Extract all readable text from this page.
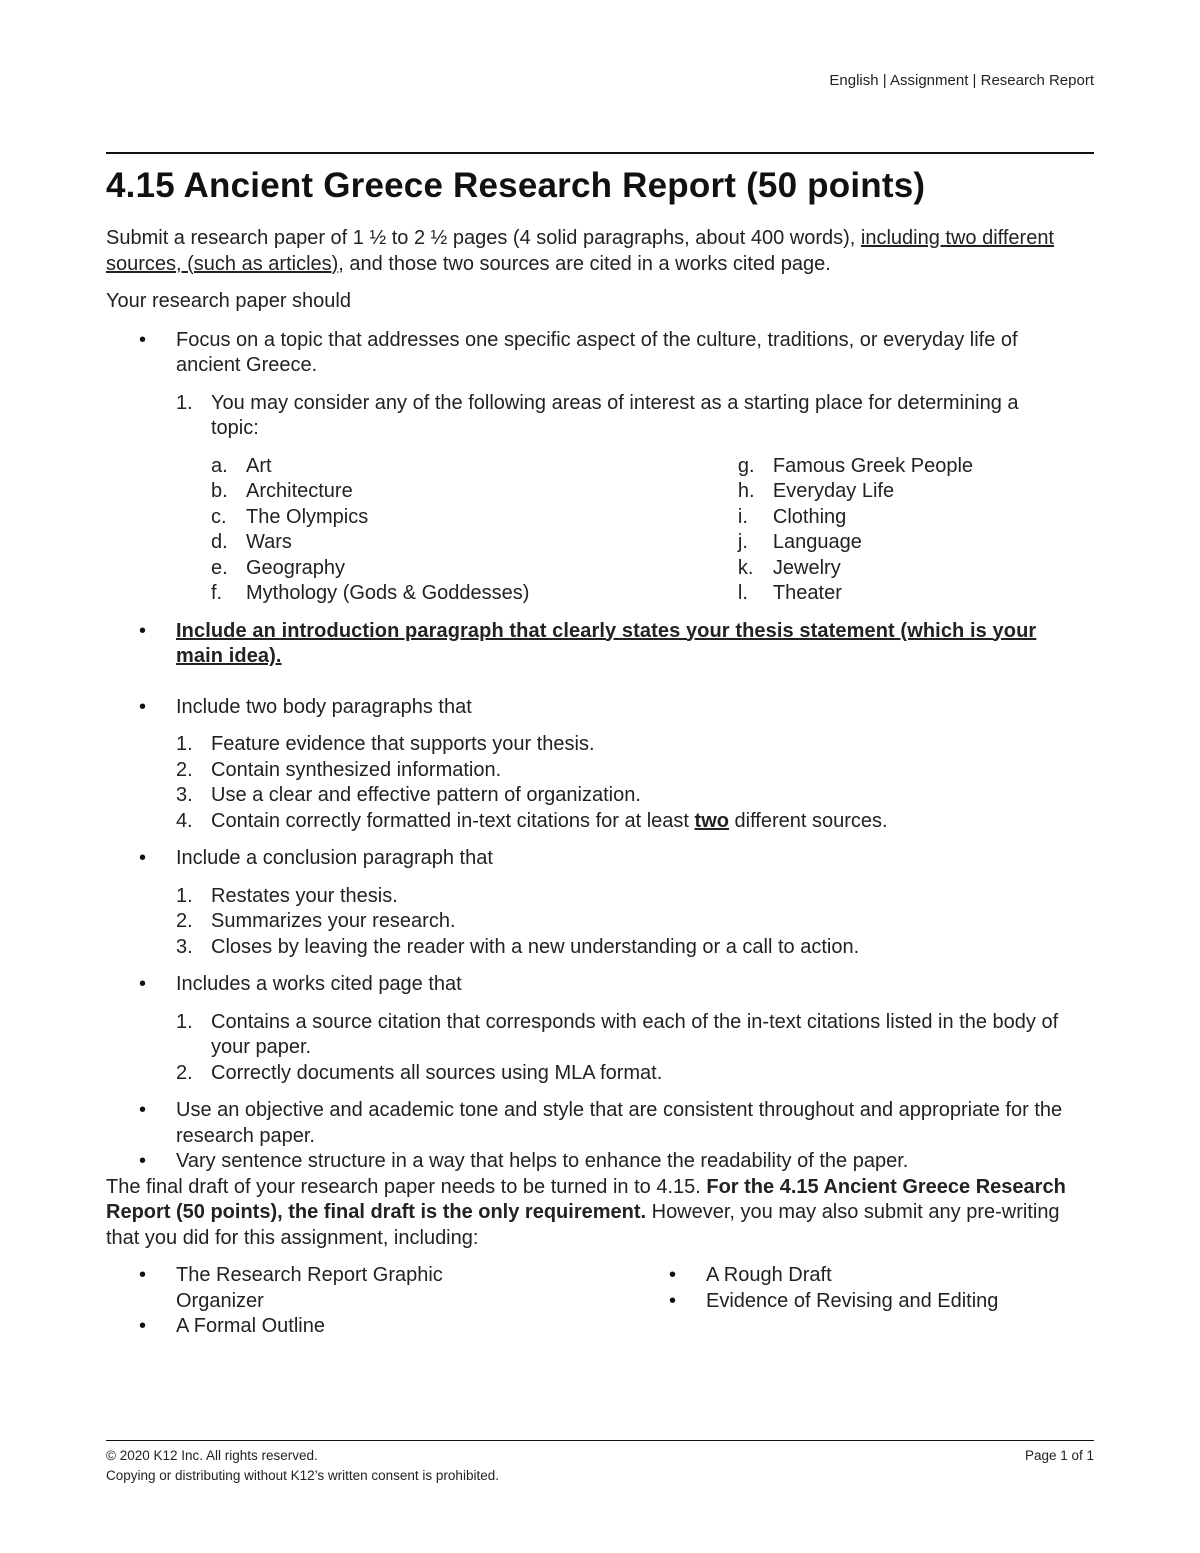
English | Assignment | Research Report
4.15 Ancient Greece Research Report (50 points)

Submit a research paper of 1 ½ to 2 ½ pages (4 solid paragraphs, about 400 words), including two different sources, (such as articles), and those two sources are cited in a works cited page.

Your research paper should

• Focus on a topic that addresses one specific aspect of the culture, traditions, or everyday life of ancient Greece.
1. You may consider any of the following areas of interest as a starting place for determining a topic:
a. Art
b. Architecture
c. The Olympics
d. Wars
e. Geography
f. Mythology (Gods & Goddesses)
g. Famous Greek People
h. Everyday Life
i. Clothing
j. Language
k. Jewelry
l. Theater
• Include an introduction paragraph that clearly states your thesis statement (which is your main idea).
• Include two body paragraphs that
1. Feature evidence that supports your thesis.
2. Contain synthesized information.
3. Use a clear and effective pattern of organization.
4. Contain correctly formatted in-text citations for at least two different sources.
• Include a conclusion paragraph that
1. Restates your thesis.
2. Summarizes your research.
3. Closes by leaving the reader with a new understanding or a call to action.
• Includes a works cited page that
1. Contains a source citation that corresponds with each of the in-text citations listed in the body of your paper.
2. Correctly documents all sources using MLA format.
• Use an objective and academic tone and style that are consistent throughout and appropriate for the research paper.
• Vary sentence structure in a way that helps to enhance the readability of the paper.

The final draft of your research paper needs to be turned in to 4.15. For the 4.15 Ancient Greece Research Report (50 points), the final draft is the only requirement. However, you may also submit any pre-writing that you did for this assignment, including:

• The Research Report Graphic Organizer
• A Formal Outline
• A Rough Draft
• Evidence of Revising and Editing
© 2020 K12 Inc. All rights reserved.
Copying or distributing without K12’s written consent is prohibited.
Page 1 of 1
